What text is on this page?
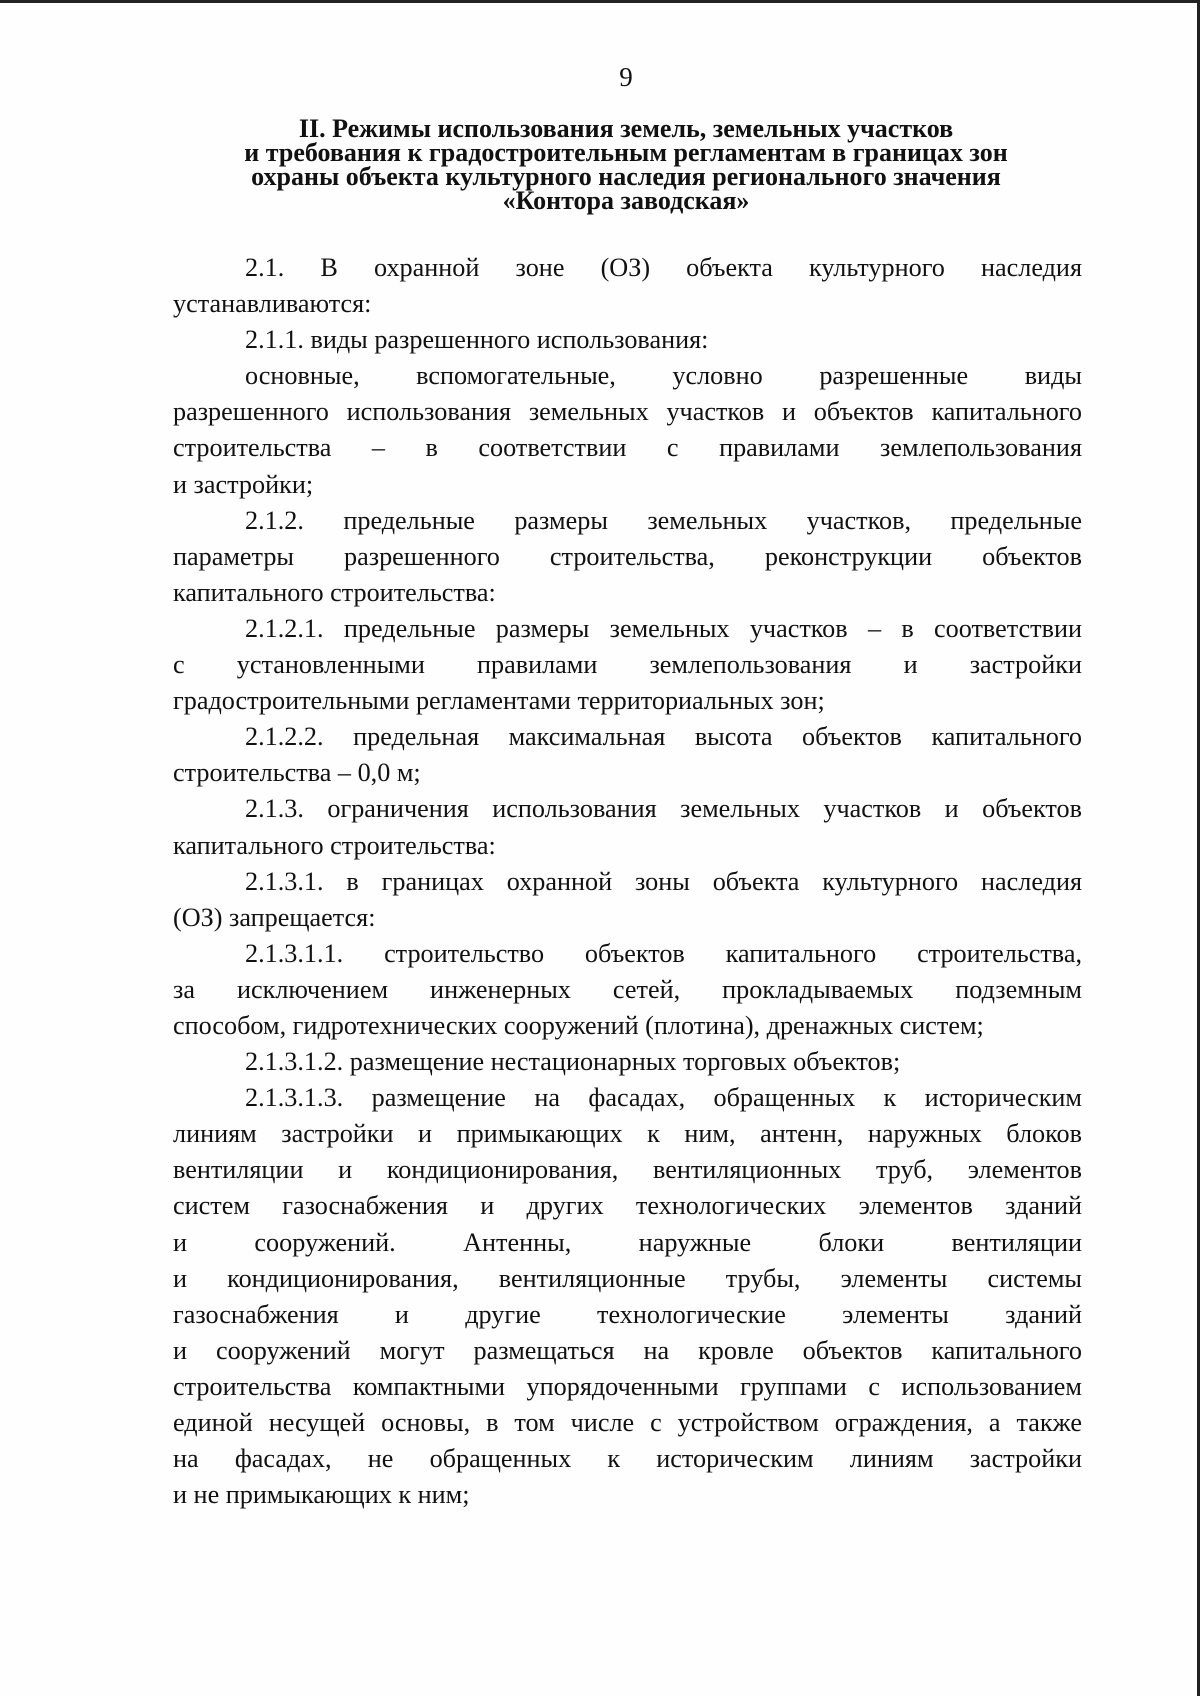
9
II. Режимы использования земель, земельных участков
и требования к градостроительным регламентам в границах зон
охраны объекта культурного наследия регионального значения
«Контора заводская»

2.1. В охранной зоне (ОЗ) объекта культурного наследия
устанавливаются:

2.1.1. виды разрешенного использования:

основные, вспомогательные, условно разрешенные виды
разрешенного использования земельных участков и объектов капитального
строительства – в соответствии с правилами землепользования
и застройки;

2.1.2. предельные размеры земельных участков, предельные
параметры разрешенного строительства, реконструкции объектов
капитального строительства:

2.1.2.1. предельные размеры земельных участков – в соответствии
с установленными правилами землепользования и застройки
градостроительными регламентами территориальных зон;

2.1.2.2. предельная максимальная высота объектов капитального
строительства – 0,0 м;

2.1.3. ограничения использования земельных участков и объектов
капитального строительства:

2.1.3.1. в границах охранной зоны объекта культурного наследия
(ОЗ) запрещается:

2.1.3.1.1. строительство объектов капитального строительства,
за исключением инженерных сетей, прокладываемых подземным
способом, гидротехнических сооружений (плотина), дренажных систем;

2.1.3.1.2. размещение нестационарных торговых объектов;

2.1.3.1.3. размещение на фасадах, обращенных к историческим
линиям застройки и примыкающих к ним, антенн, наружных блоков
вентиляции и кондиционирования, вентиляционных труб, элементов
систем газоснабжения и других технологических элементов зданий
и сооружений. Антенны, наружные блоки вентиляции
и кондиционирования, вентиляционные трубы, элементы системы
газоснабжения и другие технологические элементы зданий
и сооружений могут размещаться на кровле объектов капитального
строительства компактными упорядоченными группами с использованием
единой несущей основы, в том числе с устройством ограждения, а также
на фасадах, не обращенных к историческим линиям застройки
и не примыкающих к ним;
